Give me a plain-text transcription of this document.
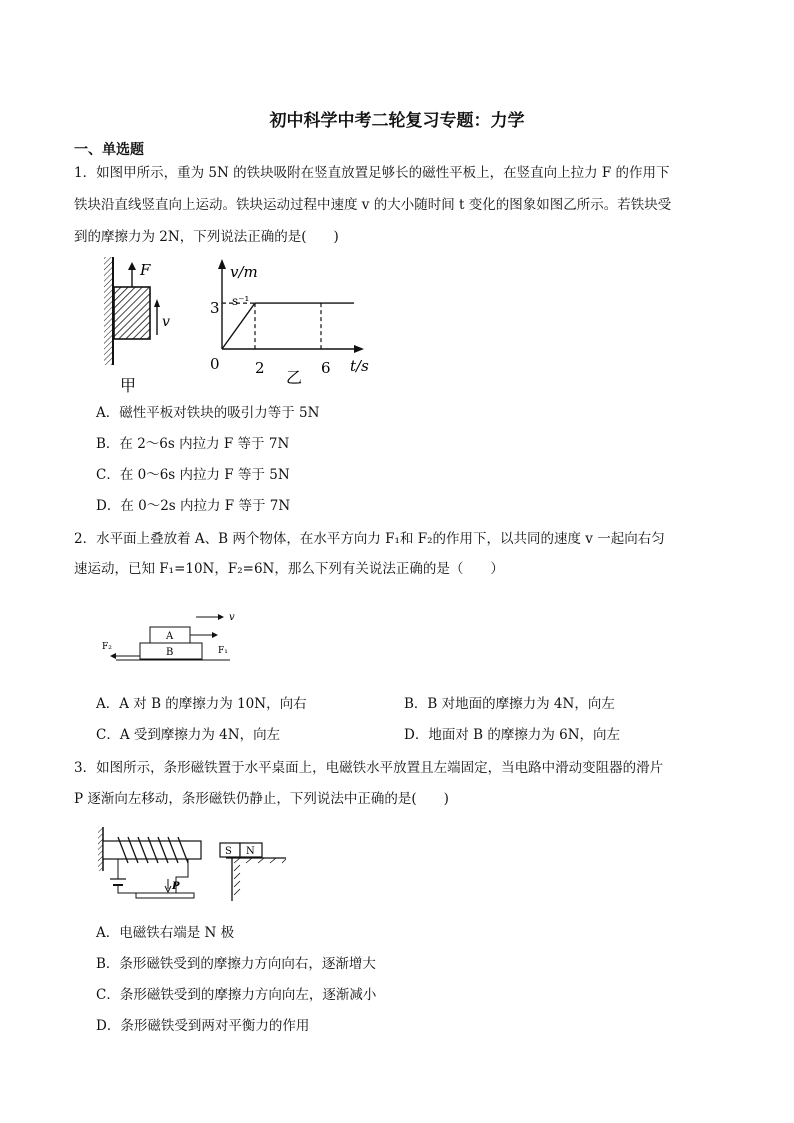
初中科学中考二轮复习专题：力学
一、单选题
1．如图甲所示，重为 5N 的铁块吸附在竖直放置足够长的磁性平板上，在竖直向上拉力 F 的作用下
铁块沿直线竖直向上运动。铁块运动过程中速度 v 的大小随时间 t 变化的图象如图乙所示。若铁块受
到的摩擦力为 2N，下列说法正确的是(　　)
F
v
甲
v/m
s⁻¹
3
0 2	6 t/s
乙
A．磁性平板对铁块的吸引力等于 5N
B．在 2～6s 内拉力 F 等于 7N
C．在 0～6s 内拉力 F 等于 5N
D．在 0～2s 内拉力 F 等于 7N
2．水平面上叠放着 A、B 两个物体，在水平方向力 F₁和 F₂的作用下，以共同的速度 v 一起向右匀
速运动，已知 F₁=10N，F₂=6N，那么下列有关说法正确的是（　　）
A
B
v
F₁
F₂
A．A 对 B 的摩擦力为 10N，向右	B．B 对地面的摩擦力为 4N，向左
C．A 受到摩擦力为 4N，向左	D．地面对 B 的摩擦力为 6N，向左
3．如图所示，条形磁铁置于水平桌面上，电磁铁水平放置且左端固定，当电路中滑动变阻器的滑片
P 逐渐向左移动，条形磁铁仍静止，下列说法中正确的是(　　)
P
S N
A．电磁铁右端是 N 极
B．条形磁铁受到的摩擦力方向向右，逐渐增大
C．条形磁铁受到的摩擦力方向向左，逐渐减小
D．条形磁铁受到两对平衡力的作用
